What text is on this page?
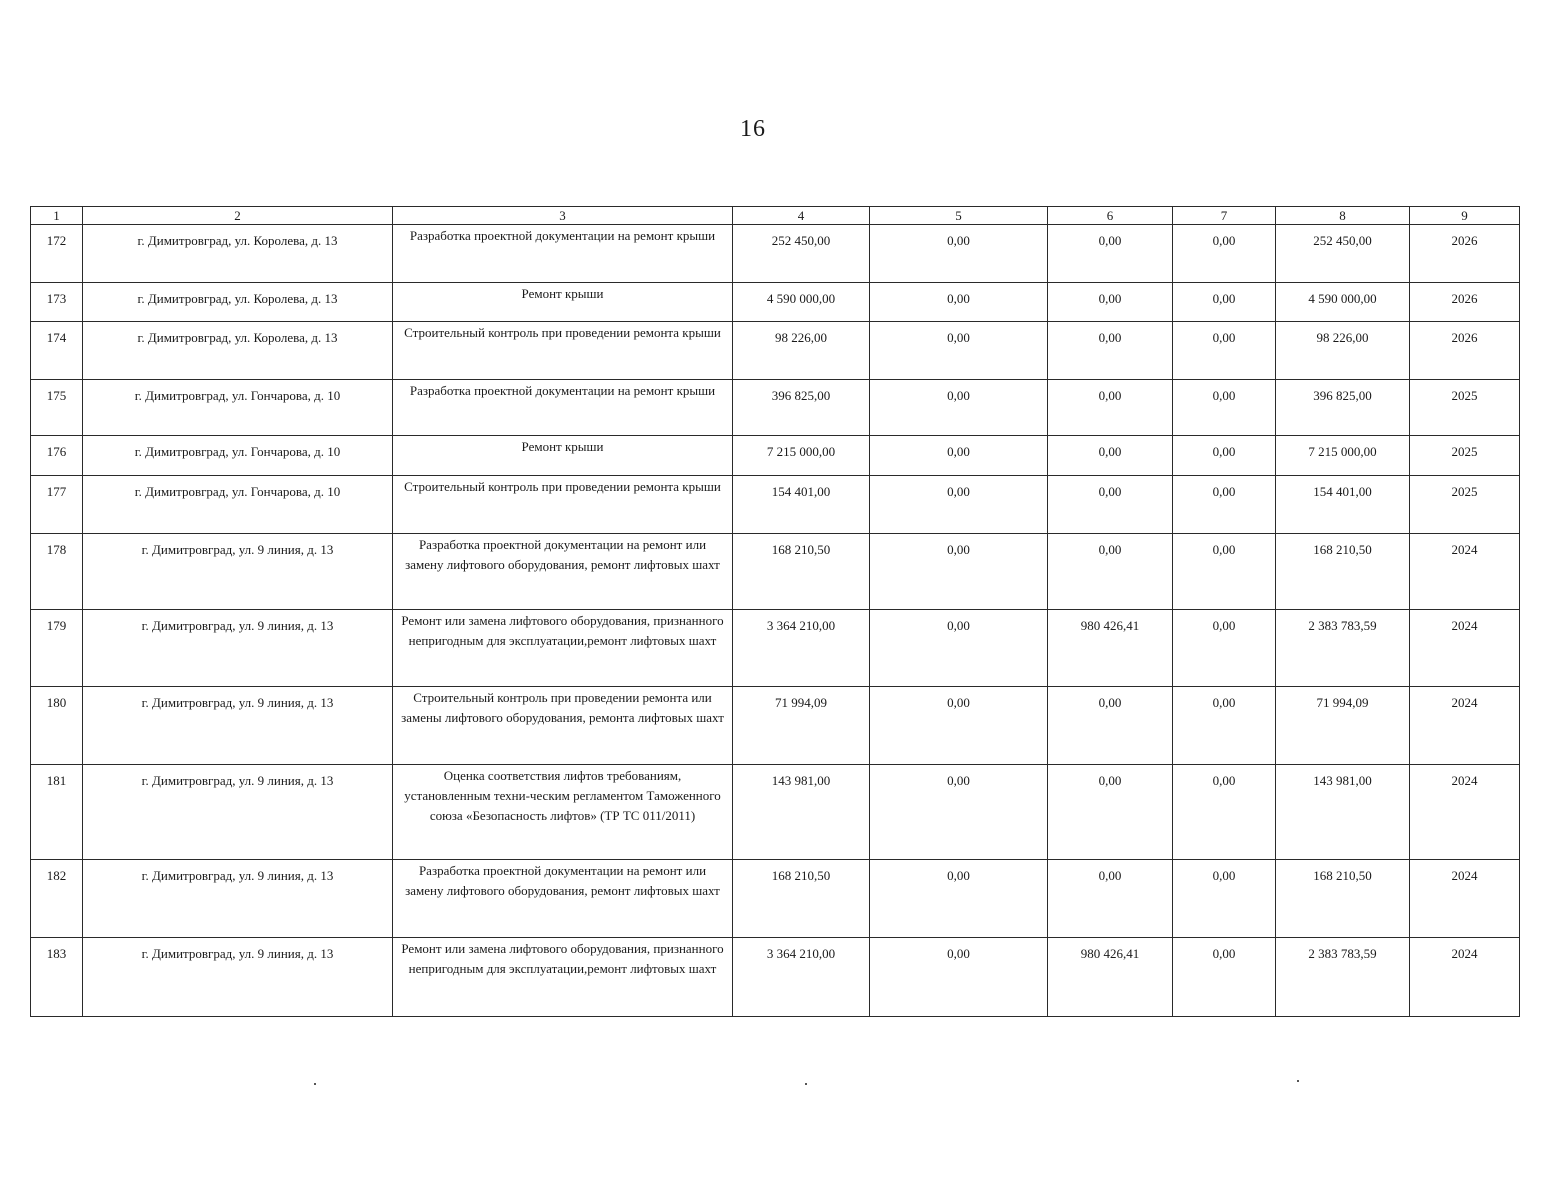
16
1	2	3	4	5	6	7	8	9
172	г. Димитровград, ул. Королева, д. 13	Разработка проектной документации на ремонт крыши	252 450,00	0,00	0,00	0,00	252 450,00	2026
173	г. Димитровград, ул. Королева, д. 13	Ремонт крыши	4 590 000,00	0,00	0,00	0,00	4 590 000,00	2026
174	г. Димитровград, ул. Королева, д. 13	Строительный контроль при проведении ремонта крыши	98 226,00	0,00	0,00	0,00	98 226,00	2026
175	г. Димитровград, ул. Гончарова, д. 10	Разработка проектной документации на ремонт крыши	396 825,00	0,00	0,00	0,00	396 825,00	2025
176	г. Димитровград, ул. Гончарова, д. 10	Ремонт крыши	7 215 000,00	0,00	0,00	0,00	7 215 000,00	2025
177	г. Димитровград, ул. Гончарова, д. 10	Строительный контроль при проведении ремонта крыши	154 401,00	0,00	0,00	0,00	154 401,00	2025
178	г. Димитровград, ул. 9 линия, д. 13	Разработка проектной документации на ремонт или замену лифтового оборудования, ремонт лифтовых шахт	168 210,50	0,00	0,00	0,00	168 210,50	2024
179	г. Димитровград, ул. 9 линия, д. 13	Ремонт или замена лифтового оборудования, признанного непригодным для эксплуатации,ремонт лифтовых шахт	3 364 210,00	0,00	980 426,41	0,00	2 383 783,59	2024
180	г. Димитровград, ул. 9 линия, д. 13	Строительный контроль при проведении ремонта или замены лифтового оборудования, ремонта лифтовых шахт	71 994,09	0,00	0,00	0,00	71 994,09	2024
181	г. Димитровград, ул. 9 линия, д. 13	Оценка соответствия лифтов требованиям, установленным техни-ческим регламентом Таможенного союза «Безопасность лифтов» (ТР ТС 011/2011)	143 981,00	0,00	0,00	0,00	143 981,00	2024
182	г. Димитровград, ул. 9 линия, д. 13	Разработка проектной документации на ремонт или замену лифтового оборудования, ремонт лифтовых шахт	168 210,50	0,00	0,00	0,00	168 210,50	2024
183	г. Димитровград, ул. 9 линия, д. 13	Ремонт или замена лифтового оборудования, признанного непригодным для эксплуатации,ремонт лифтовых шахт	3 364 210,00	0,00	980 426,41	0,00	2 383 783,59	2024
